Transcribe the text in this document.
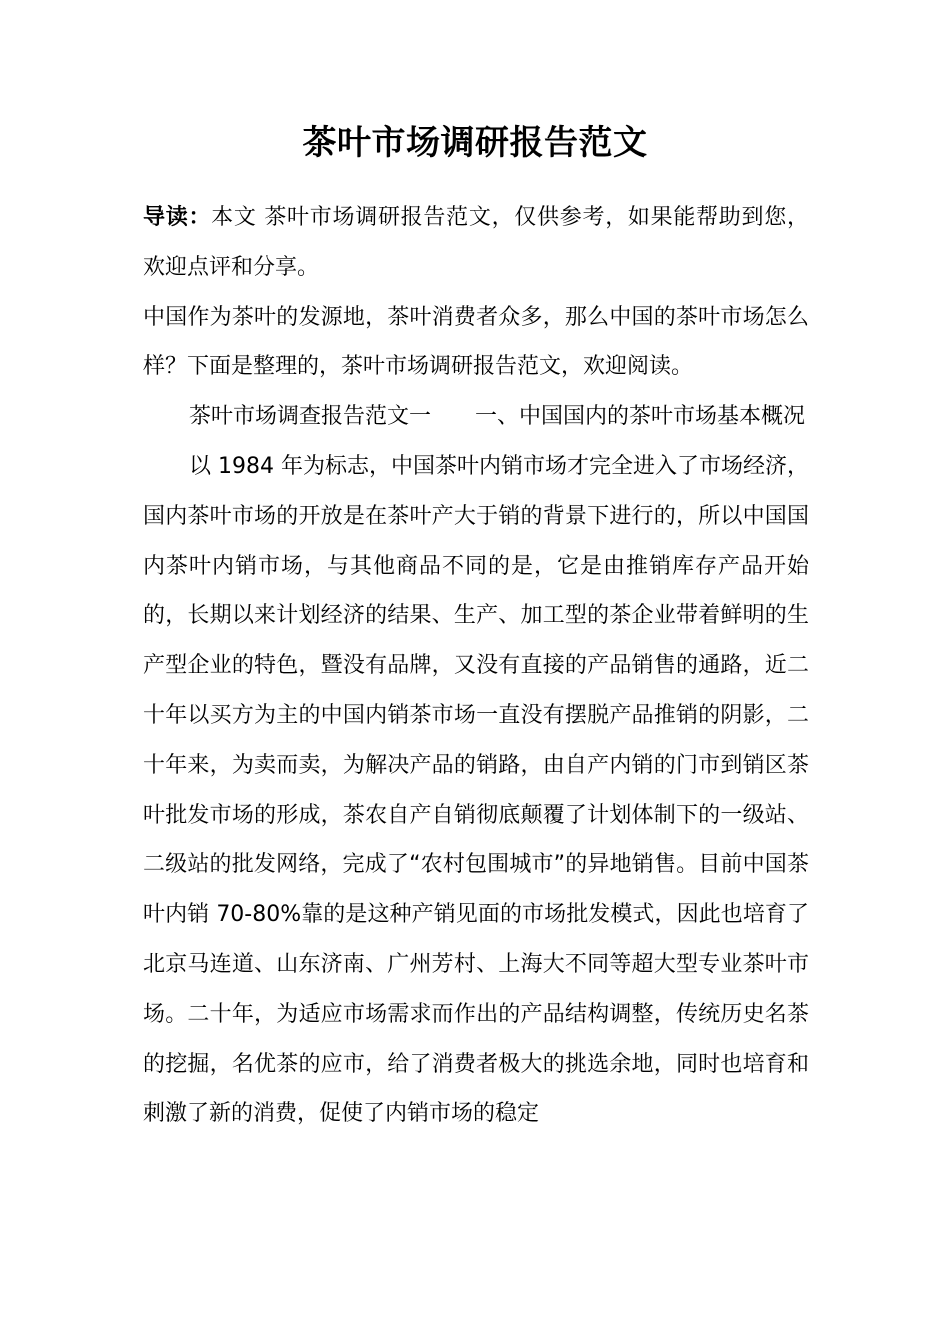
茶叶市场调研报告范文

导读：本文 茶叶市场调研报告范文，仅供参考，如果能帮助到您，欢迎点评和分享。

中国作为茶叶的发源地，茶叶消费者众多，那么中国的茶叶市场怎么样？下面是整理的，茶叶市场调研报告范文，欢迎阅读。

茶叶市场调查报告范文一 一、中国国内的茶叶市场基本概况

以 1984 年为标志，中国茶叶内销市场才完全进入了市场经济，国内茶叶市场的开放是在茶叶产大于销的背景下进行的，所以中国国内茶叶内销市场，与其他商品不同的是，它是由推销库存产品开始的，长期以来计划经济的结果、生产、加工型的茶企业带着鲜明的生产型企业的特色，暨没有品牌，又没有直接的产品销售的通路，近二十年以买方为主的中国内销茶市场一直没有摆脱产品推销的阴影，二十年来，为卖而卖，为解决产品的销路，由自产内销的门市到销区茶叶批发市场的形成，茶农自产自销彻底颠覆了计划体制下的一级站、二级站的批发网络，完成了“农村包围城市”的异地销售。目前中国茶叶内销 70-80%靠的是这种产销见面的市场批发模式，因此也培育了北京马连道、山东济南、广州芳村、上海大不同等超大型专业茶叶市场。二十年，为适应市场需求而作出的产品结构调整，传统历史名茶的挖掘，名优茶的应市，给了消费者极大的挑选余地，同时也培育和刺激了新的消费，促使了内销市场的稳定
